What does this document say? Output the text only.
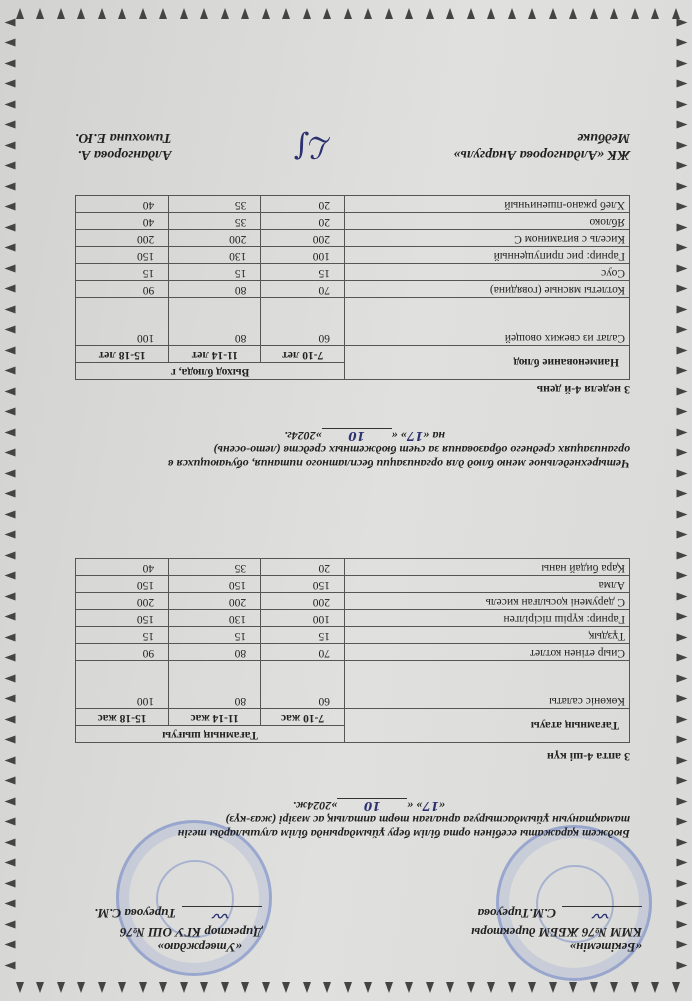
«Бекітемін»
КММ №76 ЖББМ директоры
〰
С.М.Тиреуова
«Утверждаю»
Директор КГУ ОШ №76
〰
Тиреуова С.М.
Бюджет қаражаты есебінен орта білім беру ұйымдарында білім алушыларды тегін
тамақтануын ұйымдастыруға арналған төрт апталық ас мәзірі (жаз-күз)
«17» «10»2024ж.
3 апта 4-ші күн
Тағамның атауы	Тағамның шығуы		
	7-10 жас	11-14 жас	15-18 жас
Көкөніс салаты	60	80	100
Сиыр етінен котлет	70	80	90
Тұздық	15	15	15
Гарнир: күріш пісірілген	100	130	150
С дәрумені қосылған кисель	200	200	200
Алма	150	150	150
Қара бидай наны	20	35	40
Четырехнедельное меню блюд для организации бесплатного питания, обучающихся в
организациях среднего образования за счет бюджетных средств (лето-осень)
на «17» «10»2024г.
3 неделя 4-й день
Наименование блюд	Выход блюда, г		
	7-10 лет	11-14 лет	15-18 лет
Салат из свежих овощей	60	80	100
Котлеты мясные (говядина)	70	80	90
Соус	15	15	15
Гарнир: рис припущенный	100	130	150
Кисель с витамином С	200	200	200
Яблоко	20	35	40
Хлеб ржано-пшеничный	20	35	40
ЖК «Алдангорова Анаргуль»
Медбике
ℒ∫
Алдангорова А.
Тимохина Е.Ю.
